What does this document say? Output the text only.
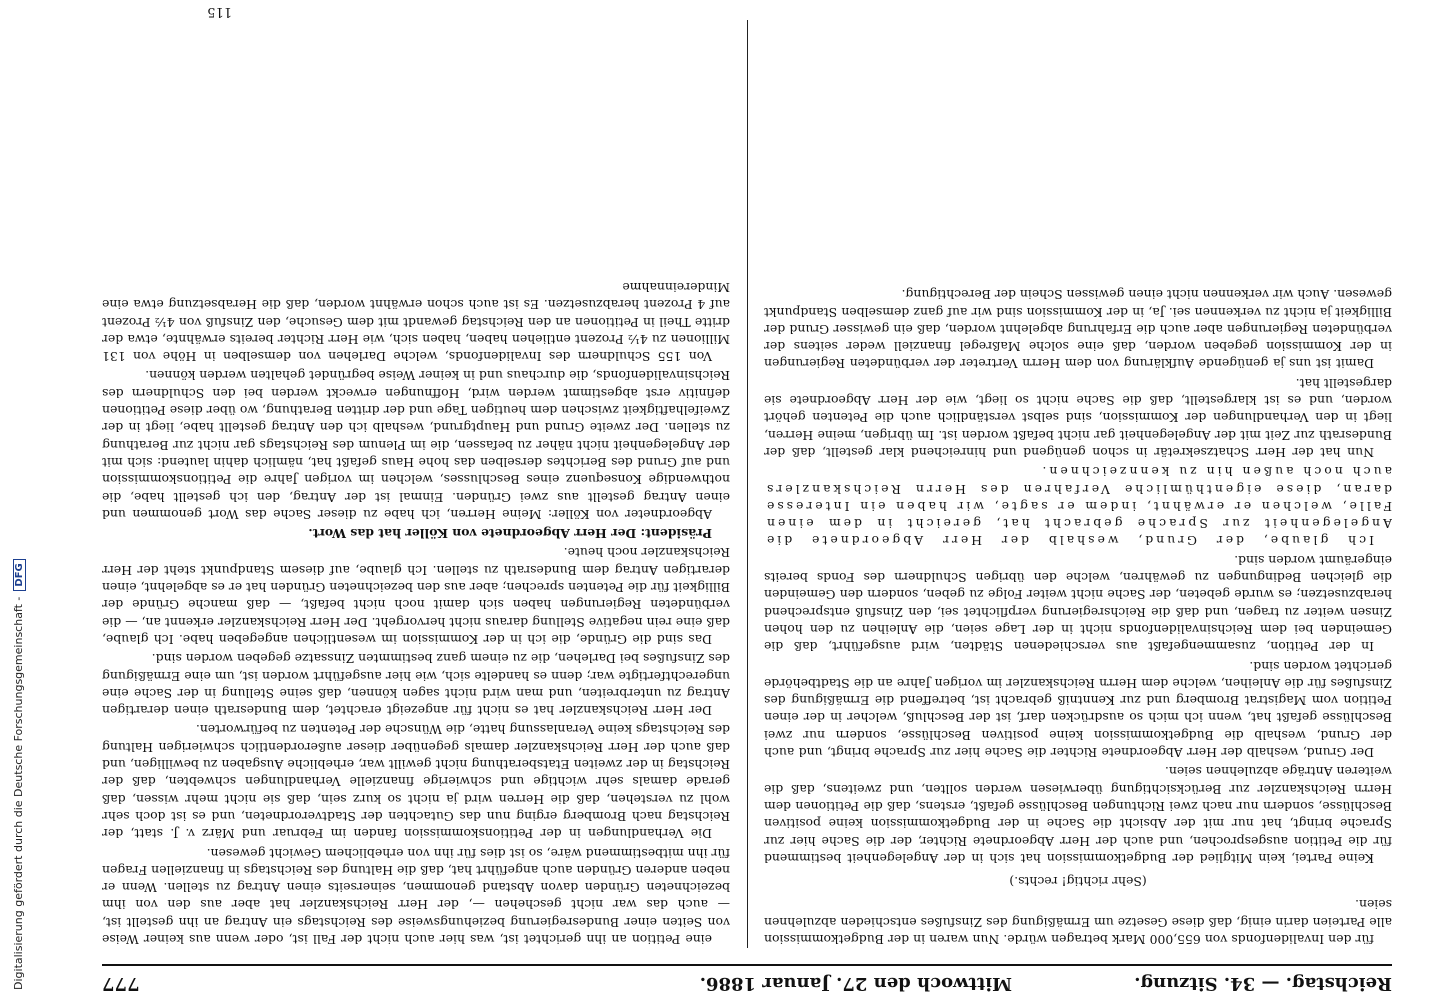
Digitalisierung gefördert durch die Deutsche Forschungsgemeinschaft -DFG
Reichstag. — 34. Sitzung.
Mittwoch den 27. Januar 1886.
777

für den Invalidenfonds von 655,000 Mark betragen würde. Nun waren in der Budgetkommission alle Parteien darin einig, daß diese Gesetze um Ermäßigung des Zinsfußes entschieden abzulehnen seien.

(Sehr richtig! rechts.)

Keine Partei, kein Mitglied der Budgetkommission hat sich in der Angelegenheit bestimmend für die Petition ausgesprochen, und auch der Herr Abgeordnete Richter, der die Sache hier zur Sprache bringt, hat nur mit der Absicht die Sache in der Budgetkommission keine positiven Beschlüsse, sondern nur nach zwei Richtungen Beschlüsse gefaßt, erstens, daß die Petitionen dem Herrn Reichskanzler zur Berücksichtigung überwiesen werden sollten, und zweitens, daß die weiteren Anträge abzulehnen seien.

Der Grund, weshalb der Herr Abgeordnete Richter die Sache hier zur Sprache bringt, und auch der Grund, weshalb die Budgetkommission keine positiven Beschlüsse, sondern nur zwei Beschlüsse gefaßt hat, wenn ich mich so ausdrücken darf, ist der Beschluß, welcher in der einen Petition vom Magistrat Bromberg und zur Kenntniß gebracht ist, betreffend die Ermäßigung des Zinsfußes für die Anleihen, welche dem Herrn Reichskanzler im vorigen Jahre an die Stadtbehörde gerichtet worden sind.

In der Petition, zusammengefaßt aus verschiedenen Städten, wird ausgeführt, daß die Gemeinden bei dem Reichsinvalidenfonds nicht in der Lage seien, die Anleihen zu den hohen Zinsen weiter zu tragen, und daß die Reichsregierung verpflichtet sei, den Zinsfuß entsprechend herabzusetzen; es wurde gebeten, der Sache nicht weiter Folge zu geben, sondern den Gemeinden die gleichen Bedingungen zu gewähren, welche den übrigen Schuldnern des Fonds bereits eingeräumt worden sind.

Ich glaube, der Grund, weshalb der Herr Abgeordnete die Angelegenheit zur Sprache gebracht hat, gereicht in dem einen Falle, welchen er erwähnt, indem er sagte, wir haben ein Interesse daran, diese eigenthümliche Verfahren des Herrn Reichskanzlers auch noch außen hin zu kennzeichnen.

Nun hat der Herr Schatzsekretär in schon genügend und hinreichend klar gestellt, daß der Bundesrath zur Zeit mit der Angelegenheit gar nicht befaßt worden ist. Im übrigen, meine Herren, liegt in den Verhandlungen der Kommission, sind selbst verständlich auch die Petenten gehört worden, und es ist klargestellt, daß die Sache nicht so liegt, wie der Herr Abgeordnete sie dargestellt hat.

Damit ist uns ja genügende Aufklärung von dem Herrn Vertreter der verbündeten Regierungen in der Kommission gegeben worden, daß eine solche Maßregel finanziell weder seitens der verbündeten Regierungen aber auch die Erfahrung abgelehnt worden, daß ein gewisser Grund der Billigkeit ja nicht zu verkennen sei. Ja, in der Kommission sind wir auf ganz demselben Standpunkt gewesen. Auch wir verkennen nicht einen gewissen Schein der Berechtigung.

eine Petition an ihn gerichtet ist, was hier auch nicht der Fall ist, oder wenn aus keiner Weise von Seiten einer Bundesregierung beziehungsweise des Reichstags ein Antrag an ihn gestellt ist, — auch das war nicht geschehen —, der Herr Reichskanzler hat aber aus den von ihm bezeichneten Gründen davon Abstand genommen, seinerseits einen Antrag zu stellen. Wenn er neben anderen Gründen auch angeführt hat, daß die Haltung des Reichstags in finanziellen Fragen für ihn mitbestimmend wäre, so ist dies für ihn von erheblichem Gewicht gewesen.

Die Verhandlungen in der Petitionskommission fanden im Februar und März v. J. statt, der Reichstag nach Bromberg erging nun das Gutachten der Stadtverordneten, und es ist doch sehr wohl zu verstehen, daß die Herren wird ja nicht so kurz sein, daß sie nicht mehr wissen, daß gerade damals sehr wichtige und schwierige finanzielle Verhandlungen schwebten, daß der Reichstag in der zweiten Etatsberathung nicht gewillt war, erhebliche Ausgaben zu bewilligen, und daß auch der Herr Reichskanzler damals gegenüber dieser außerordentlich schwierigen Haltung des Reichstags keine Veranlassung hatte, die Wünsche der Petenten zu befürworten.

Der Herr Reichskanzler hat es nicht für angezeigt erachtet, dem Bundesrath einen derartigen Antrag zu unterbreiten, und man wird nicht sagen können, daß seine Stellung in der Sache eine ungerechtfertigte war; denn es handelte sich, wie hier ausgeführt worden ist, um eine Ermäßigung des Zinsfußes bei Darlehen, die zu einem ganz bestimmten Zinssatze gegeben worden sind.

Das sind die Gründe, die ich in der Kommission im wesentlichen angegeben habe. Ich glaube, daß eine rein negative Stellung daraus nicht hervorgeht. Der Herr Reichskanzler erkennt an, — die verbündeten Regierungen haben sich damit noch nicht befaßt, — daß manche Gründe der Billigkeit für die Petenten sprechen; aber aus den bezeichneten Gründen hat er es abgelehnt, einen derartigen Antrag dem Bundesrath zu stellen. Ich glaube, auf diesem Standpunkt steht der Herr Reichskanzler noch heute.

Präsident: Der Herr Abgeordnete von Köller hat das Wort.

Abgeordneter von Köller: Meine Herren, ich habe zu dieser Sache das Wort genommen und einen Antrag gestellt aus zwei Gründen. Einmal ist der Antrag, den ich gestellt habe, die nothwendige Konsequenz eines Beschlusses, welchen im vorigen Jahre die Petitionskommission und auf Grund des Berichtes derselben das hohe Haus gefaßt hat, nämlich dahin lautend: sich mit der Angelegenheit nicht näher zu befassen, die im Plenum des Reichstags gar nicht zur Berathung zu stellen. Der zweite Grund und Hauptgrund, weshalb ich den Antrag gestellt habe, liegt in der Zweifelhaftigkeit zwischen dem heutigen Tage und der dritten Berathung, wo über diese Petitionen definitiv erst abgestimmt werden wird, Hoffnungen erweckt werden bei den Schuldnern des Reichsinvalidenfonds, die durchaus und in keiner Weise begründet gehalten werden können.

Von 155 Schuldnern des Invalidenfonds, welche Darlehen von demselben in Höhe von 131 Millionen zu 4½ Prozent entliehen haben, haben sich, wie Herr Richter bereits erwähnte, etwa der dritte Theil in Petitionen an den Reichstag gewandt mit dem Gesuche, den Zinsfuß von 4½ Prozent auf 4 Prozent herabzusetzen. Es ist auch schon erwähnt worden, daß die Herabsetzung etwa eine Mindereinnahme

115
